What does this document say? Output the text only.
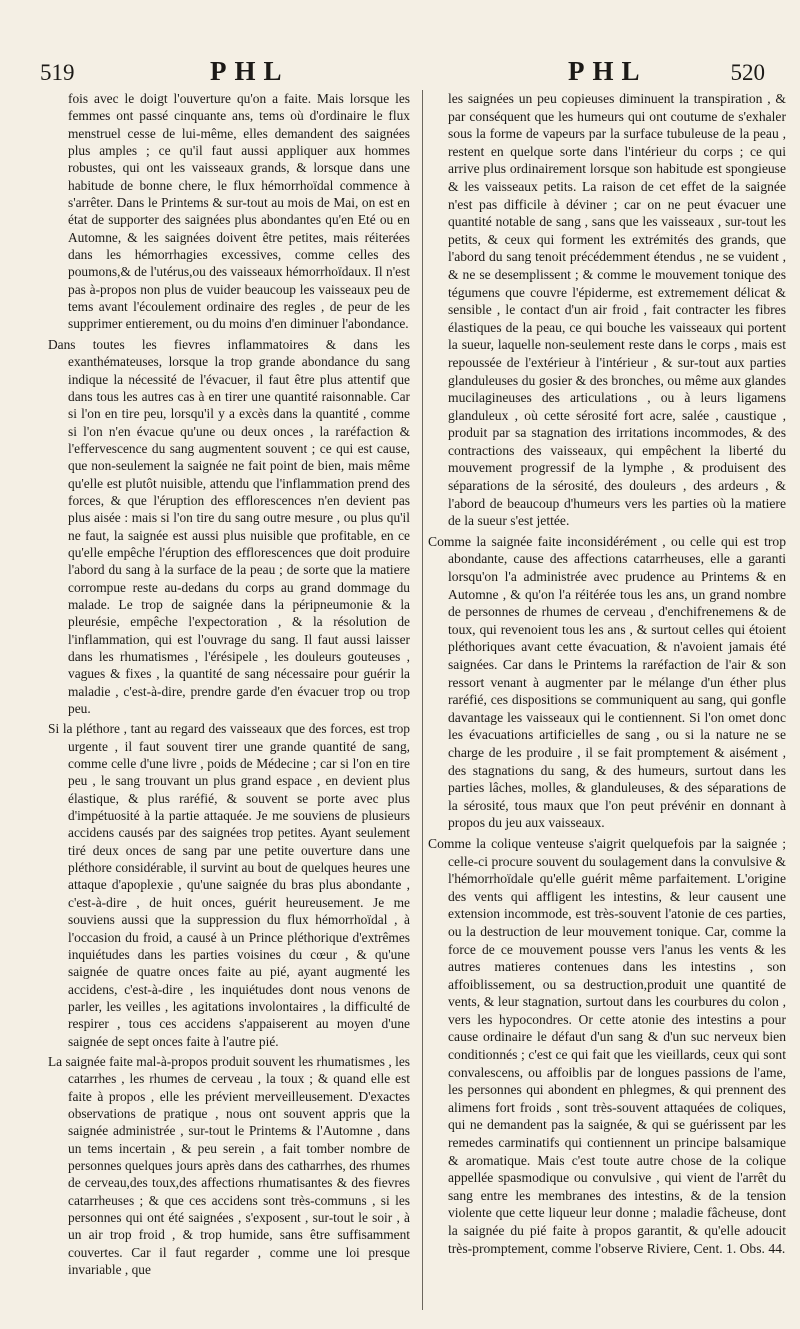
519	PHL	PHL	520

fois avec le doigt l'ouverture qu'on a faite. Mais lorsque les femmes ont passé cinquante ans, tems où d'ordinaire le flux menstruel cesse de lui-même, elles demandent des saignées plus amples ; ce qu'il faut aussi appliquer aux hommes robustes, qui ont les vaisseaux grands, & lorsque dans une habitude de bonne chere, le flux hémorrhoïdal commence à s'arrêter. Dans le Printems & sur-tout au mois de Mai, on est en état de supporter des saignées plus abondantes qu'en Eté ou en Automne, & les saignées doivent être petites, mais réiterées dans les hémorrhagies excessives, comme celles des poumons,& de l'utérus,ou des vaisseaux hémorrhoïdaux. Il n'est pas à-propos non plus de vuider beaucoup les vaisseaux peu de tems avant l'écoulement ordinaire des regles , de peur de les supprimer entierement, ou du moins d'en diminuer l'abondance.

Dans toutes les fievres inflammatoires & dans les exanthémateuses, lorsque la trop grande abondance du sang indique la nécessité de l'évacuer, il faut être plus attentif que dans tous les autres cas à en tirer une quantité raisonnable. Car si l'on en tire peu, lorsqu'il y a excès dans la quantité , comme si l'on n'en évacue qu'une ou deux onces , la raréfaction & l'effervescence du sang augmentent souvent ; ce qui est cause, que non-seulement la saignée ne fait point de bien, mais même qu'elle est plutôt nuisible, attendu que l'inflammation prend des forces, & que l'éruption des efflorescences n'en devient pas plus aisée : mais si l'on tire du sang outre mesure , ou plus qu'il ne faut, la saignée est aussi plus nuisible que profitable, en ce qu'elle empêche l'éruption des efflorescences que doit produire l'abord du sang à la surface de la peau ; de sorte que la matiere corrompue reste au-dedans du corps au grand dommage du malade. Le trop de saignée dans la péripneumonie & la pleurésie, empêche l'expectoration , & la résolution de l'inflammation, qui est l'ouvrage du sang. Il faut aussi laisser dans les rhumatismes , l'érésipele , les douleurs gouteuses , vagues & fixes , la quantité de sang nécessaire pour guérir la maladie , c'est-à-dire, prendre garde d'en évacuer trop ou trop peu.

Si la pléthore , tant au regard des vaisseaux que des forces, est trop urgente , il faut souvent tirer une grande quantité de sang, comme celle d'une livre , poids de Médecine ; car si l'on en tire peu , le sang trouvant un plus grand espace , en devient plus élastique, & plus raréfié, & souvent se porte avec plus d'impétuosité à la partie attaquée. Je me souviens de plusieurs accidens causés par des saignées trop petites. Ayant seulement tiré deux onces de sang par une petite ouverture dans une pléthore considérable, il survint au bout de quelques heures une attaque d'apoplexie , qu'une saignée du bras plus abondante , c'est-à-dire , de huit onces, guérit heureusement. Je me souviens aussi que la suppression du flux hémorrhoïdal , à l'occasion du froid, a causé à un Prince pléthorique d'extrêmes inquiétudes dans les parties voisines du cœur , & qu'une saignée de quatre onces faite au pié, ayant augmenté les accidens, c'est-à-dire , les inquiétudes dont nous venons de parler, les veilles , les agitations involontaires , la difficulté de respirer , tous ces accidens s'appaiserent au moyen d'une saignée de sept onces faite à l'autre pié.

La saignée faite mal-à-propos produit souvent les rhumatismes , les catarrhes , les rhumes de cerveau , la toux ; & quand elle est faite à propos , elle les prévient merveilleusement. D'exactes observations de pratique , nous ont souvent appris que la saignée administrée , sur-tout le Printems & l'Automne , dans un tems incertain , & peu serein , a fait tomber nombre de personnes quelques jours après dans des catharrhes, des rhumes de cerveau,des toux,des affections rhumatisantes & des fievres catarrheuses ; & que ces accidens sont très-communs , si les personnes qui ont été saignées , s'exposent , sur-tout le soir , à un air trop froid , & trop humide, sans être suffisamment couvertes. Car il faut regarder , comme une loi presque invariable , que

les saignées un peu copieuses diminuent la transpiration , & par conséquent que les humeurs qui ont coutume de s'exhaler sous la forme de vapeurs par la surface tubuleuse de la peau , restent en quelque sorte dans l'intérieur du corps ; ce qui arrive plus ordinairement lorsque son habitude est spongieuse & les vaisseaux petits. La raison de cet effet de la saignée n'est pas difficile à déviner ; car on ne peut évacuer une quantité notable de sang , sans que les vaisseaux , sur-tout les petits, & ceux qui forment les extrémités des grands, que l'abord du sang tenoit précédemment étendus , ne se vuident , & ne se desemplissent ; & comme le mouvement tonique des tégumens que couvre l'épiderme, est extremement délicat & sensible , le contact d'un air froid , fait contracter les fibres élastiques de la peau, ce qui bouche les vaisseaux qui portent la sueur, laquelle non-seulement reste dans le corps , mais est repoussée de l'extérieur à l'intérieur , & sur-tout aux parties glanduleuses du gosier & des bronches, ou même aux glandes mucilagineuses des articulations , ou à leurs ligamens glanduleux , où cette sérosité fort acre, salée , caustique , produit par sa stagnation des irritations incommodes, & des contractions des vaisseaux, qui empêchent la liberté du mouvement progressif de la lymphe , & produisent des séparations de la sérosité, des douleurs , des ardeurs , & l'abord de beaucoup d'humeurs vers les parties où la matiere de la sueur s'est jettée.

Comme la saignée faite inconsidérément , ou celle qui est trop abondante, cause des affections catarrheuses, elle a garanti lorsqu'on l'a administrée avec prudence au Printems & en Automne , & qu'on l'a réitérée tous les ans, un grand nombre de personnes de rhumes de cerveau , d'enchifrenemens & de toux, qui revenoient tous les ans , & surtout celles qui étoient pléthoriques avant cette évacuation, & n'avoient jamais été saignées. Car dans le Printems la raréfaction de l'air & son ressort venant à augmenter par le mélange d'un éther plus raréfié, ces dispositions se communiquent au sang, qui gonfle davantage les vaisseaux qui le contiennent. Si l'on omet donc les évacuations artificielles de sang , ou si la nature ne se charge de les produire , il se fait promptement & aisément , des stagnations du sang, & des humeurs, surtout dans les parties lâches, molles, & glanduleuses, & des séparations de la sérosité, tous maux que l'on peut prévénir en donnant à propos du jeu aux vaisseaux.

Comme la colique venteuse s'aigrit quelquefois par la saignée ; celle-ci procure souvent du soulagement dans la convulsive & l'hémorrhoïdale qu'elle guérit même parfaitement. L'origine des vents qui affligent les intestins, & leur causent une extension incommode, est très-souvent l'atonie de ces parties, ou la destruction de leur mouvement tonique. Car, comme la force de ce mouvement pousse vers l'anus les vents & les autres matieres contenues dans les intestins , son affoiblissement, ou sa destruction,produit une quantité de vents, & leur stagnation, surtout dans les courbures du colon , vers les hypocondres. Or cette atonie des intestins a pour cause ordinaire le défaut d'un sang & d'un suc nerveux bien conditionnés ; c'est ce qui fait que les vieillards, ceux qui sont convalescens, ou affoiblis par de longues passions de l'ame, les personnes qui abondent en phlegmes, & qui prennent des alimens fort froids , sont très-souvent attaquées de coliques, qui ne demandent pas la saignée, & qui se guérissent par les remedes carminatifs qui contiennent un principe balsamique & aromatique. Mais c'est toute autre chose de la colique appellée spasmodique ou convulsive , qui vient de l'arrêt du sang entre les membranes des intestins, & de la tension violente que cette liqueur leur donne ; maladie fâcheuse, dont la saignée du pié faite à propos garantit, & qu'elle adoucit très-promptement, comme l'observe Riviere, Cent. 1. Obs. 44.
